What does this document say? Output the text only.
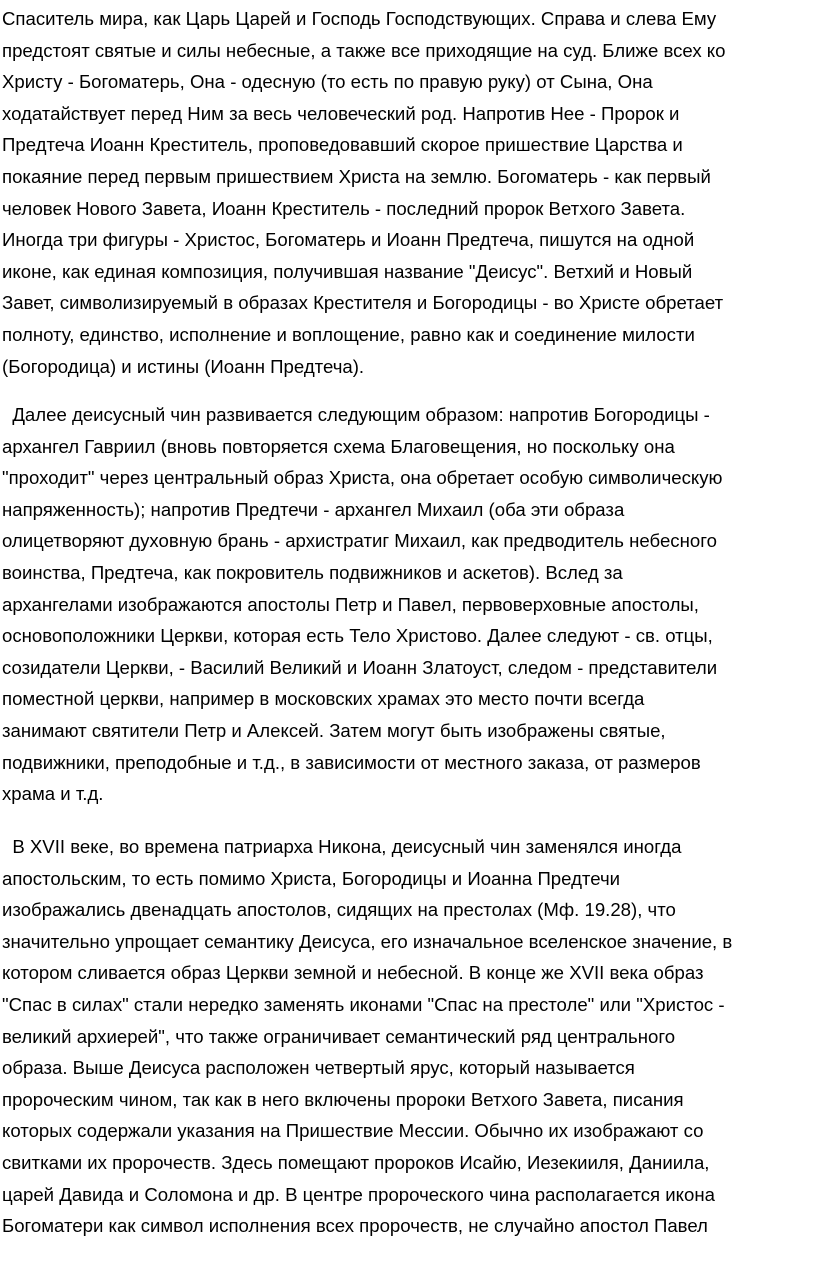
Спаситель мира, как Царь Царей и Господь Господствующих. Справа и слева Ему
предстоят святые и силы небесные, а также все приходящие на суд. Ближе всех ко
Христу - Богоматерь, Она - одесную (то есть по правую руку) от Сына, Она
ходатайствует перед Ним за весь человеческий род. Напротив Нее - Пророк и
Предтеча Иоанн Креститель, проповедовавший скорое пришествие Царства и
покаяние перед первым пришествием Христа на землю. Богоматерь - как первый
человек Нового Завета, Иоанн Креститель - последний пророк Ветхого Завета.
Иногда три фигуры - Христос, Богоматерь и Иоанн Предтеча, пишутся на одной
иконе, как единая композиция, получившая название "Деисус". Ветхий и Новый
Завет, символизируемый в образах Крестителя и Богородицы - во Христе обретает
полноту, единство, исполнение и воплощение, равно как и соединение милости
(Богородица) и истины (Иоанн Предтеча).
Далее деисусный чин развивается следующим образом: напротив Богородицы -
архангел Гавриил (вновь повторяется схема Благовещения, но поскольку она
"проходит" через центральный образ Христа, она обретает особую символическую
напряженность); напротив Предтечи - архангел Михаил (оба эти образа
олицетворяют духовную брань - архистратиг Михаил, как предводитель небесного
воинства, Предтеча, как покровитель подвижников и аскетов). Вслед за
архангелами изображаются апостолы Петр и Павел, первоверховные апостолы,
основоположники Церкви, которая есть Тело Христово. Далее следуют - св. отцы,
созидатели Церкви, - Василий Великий и Иоанн Златоуст, следом - представители
поместной церкви, например в московских храмах это место почти всегда
занимают святители Петр и Алексей. Затем могут быть изображены святые,
подвижники, преподобные и т.д., в зависимости от местного заказа, от размеров
храма и т.д.
В XVII веке, во времена патриарха Никона, деисусный чин заменялся иногда
апостольским, то есть помимо Христа, Богородицы и Иоанна Предтечи
изображались двенадцать апостолов, сидящих на престолах (Мф. 19.28), что
значительно упрощает семантику Деисуса, его изначальное вселенское значение, в
котором сливается образ Церкви земной и небесной. В конце же XVII века образ
"Спас в силах" стали нередко заменять иконами "Спас на престоле" или "Христос -
великий архиерей", что также ограничивает семантический ряд центрального
образа. Выше Деисуса расположен четвертый ярус, который называется
пророческим чином, так как в него включены пророки Ветхого Завета, писания
которых содержали указания на Пришествие Мессии. Обычно их изображают со
свитками их пророчеств. Здесь помещают пророков Исайю, Иезекииля, Даниила,
царей Давида и Соломона и др. В центре пророческого чина располагается икона
Богоматери как символ исполнения всех пророчеств, не случайно апостол Павел
